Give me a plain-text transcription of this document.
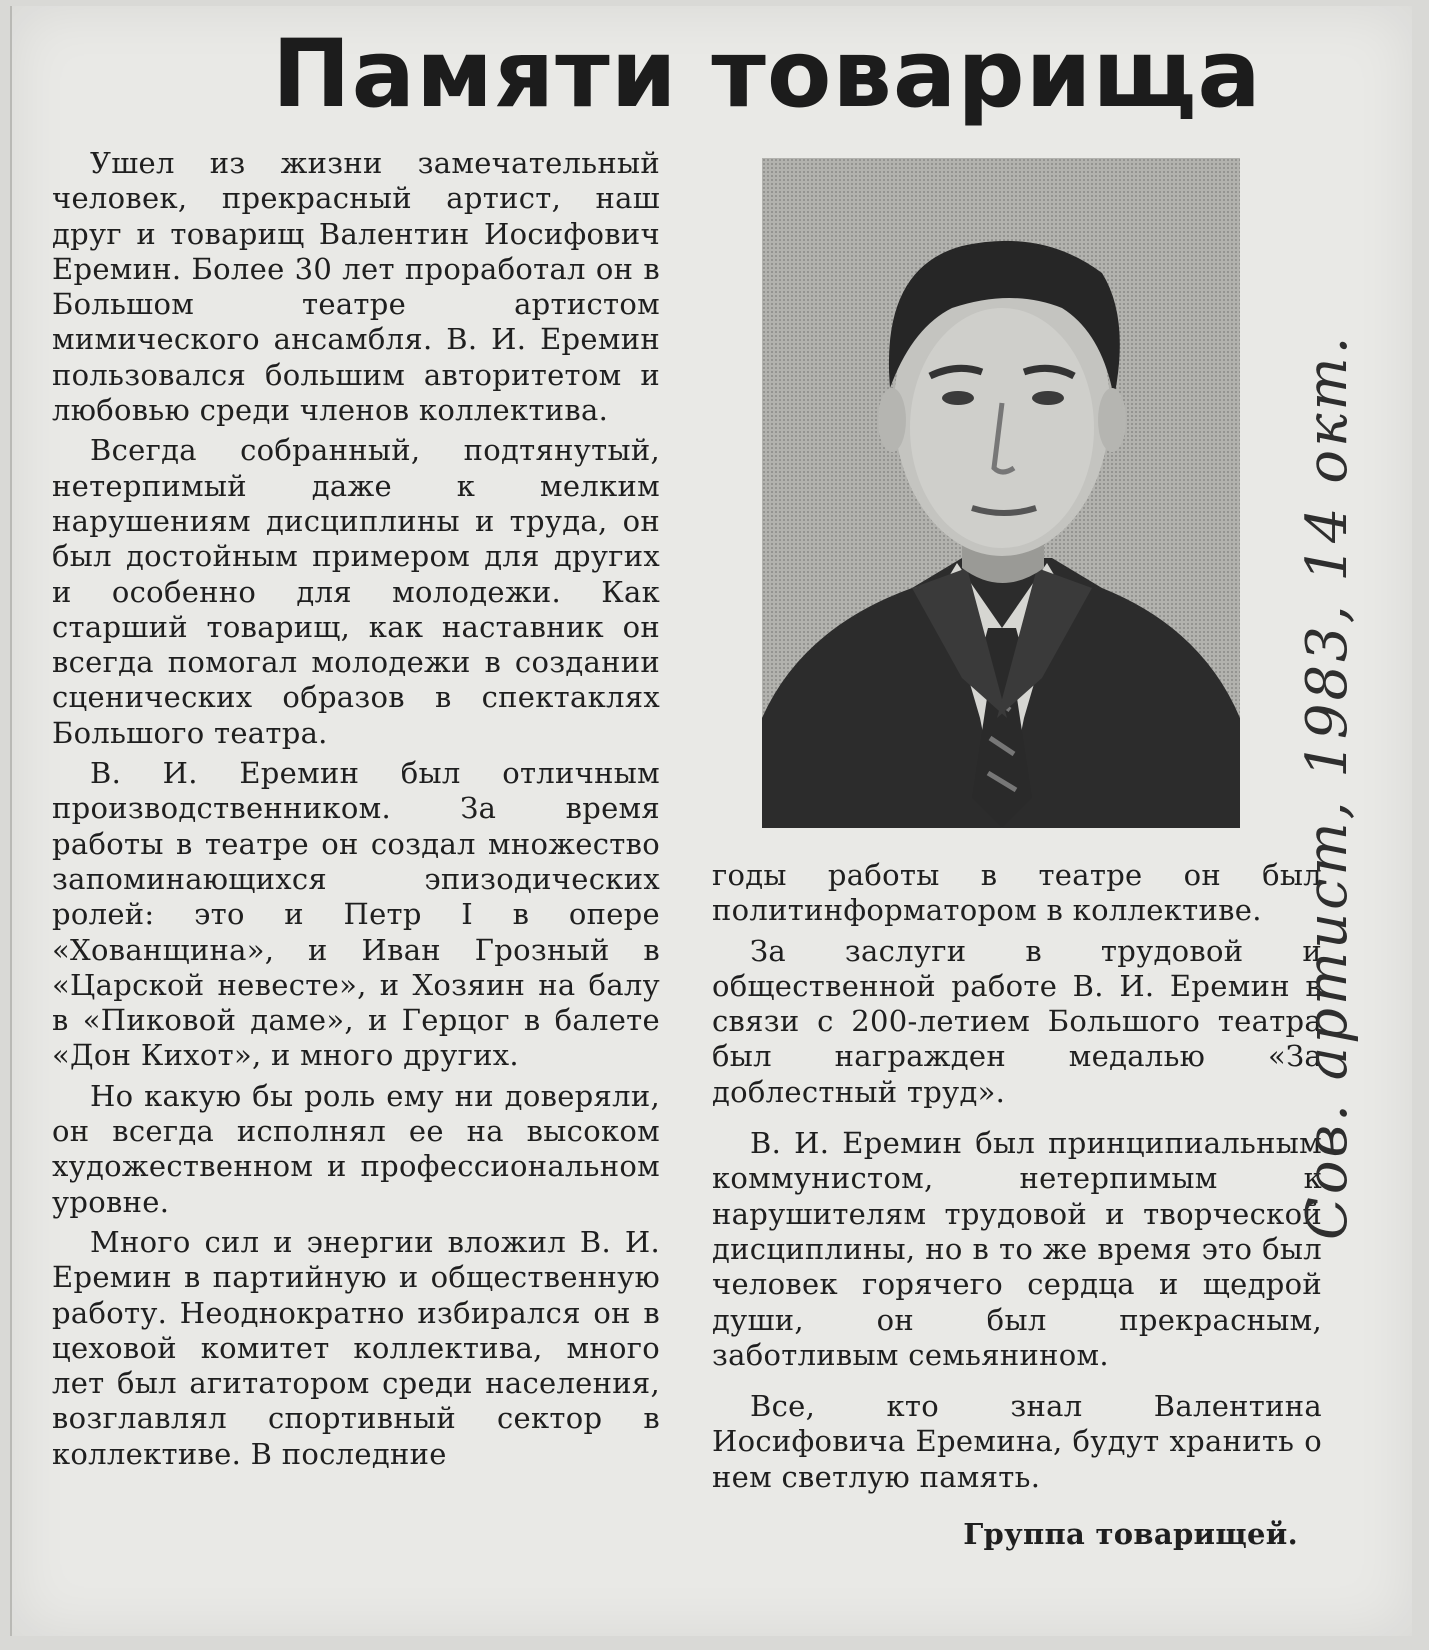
Памяти товарища

Ушел из жизни замечательный человек, прекрасный артист, наш друг и товарищ Валентин Иосифович Еремин. Более 30 лет проработал он в Большом театре артистом мимического ансамбля. В. И. Еремин пользовался большим авторитетом и любовью среди членов коллектива.

Всегда собранный, подтянутый, нетерпимый даже к мелким нарушениям дисциплины и труда, он был достойным примером для других и особенно для молодежи. Как старший товарищ, как наставник он всегда помогал молодежи в создании сценических образов в спектаклях Большого театра.

В. И. Еремин был отличным производственником. За время работы в театре он создал множество запоминающихся эпизодических ролей: это и Петр I в опере «Хованщина», и Иван Грозный в «Царской невесте», и Хозяин на балу в «Пиковой даме», и Герцог в балете «Дон Кихот», и много других.

Но какую бы роль ему ни доверяли, он всегда исполнял ее на высоком художественном и профессиональном уровне.

Много сил и энергии вложил В. И. Еремин в партийную и общественную работу. Неоднократно избирался он в цеховой комитет коллектива, много лет был агитатором среди населения, возглавлял спортивный сектор в коллективе. В последние

годы работы в театре он был политинформатором в коллективе.

За заслуги в трудовой и общественной работе В. И. Еремин в связи с 200-летием Большого театра был награжден медалью «За доблестный труд».

В. И. Еремин был принципиальным коммунистом, нетерпимым к нарушителям трудовой и творческой дисциплины, но в то же время это был человек горячего сердца и щедрой души, он был прекрасным, заботливым семьянином.

Все, кто знал Валентина Иосифовича Еремина, будут хранить о нем светлую память.

Группа товарищей.

Сов. артист, 1983, 14 окт.
